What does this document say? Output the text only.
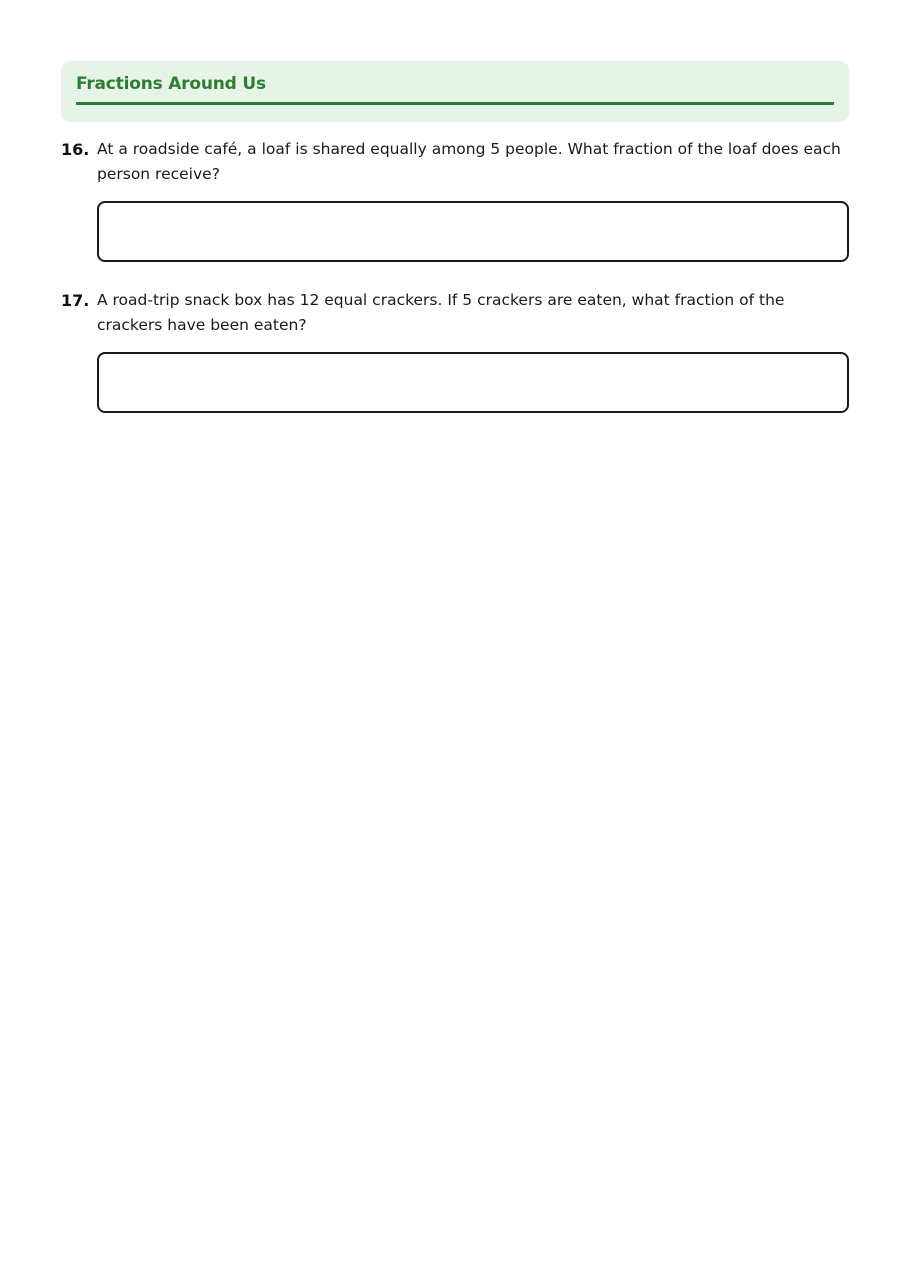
Fractions Around Us
16. At a roadside café, a loaf is shared equally among 5 people. What fraction of the loaf does each person receive?
17. A road-trip snack box has 12 equal crackers. If 5 crackers are eaten, what fraction of the crackers have been eaten?
